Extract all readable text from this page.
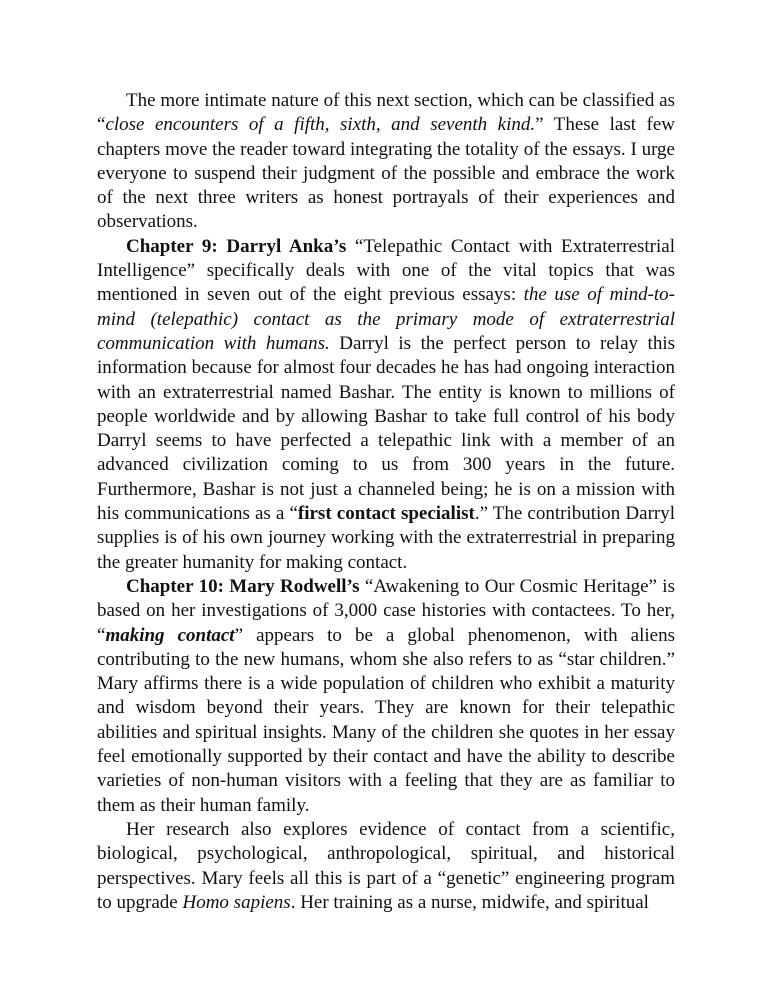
The more intimate nature of this next section, which can be classified as “close encounters of a fifth, sixth, and seventh kind.” These last few chapters move the reader toward integrating the totality of the essays. I urge everyone to suspend their judgment of the possible and embrace the work of the next three writers as honest portrayals of their experiences and observations.

Chapter 9: Darryl Anka’s “Telepathic Contact with Extraterrestrial Intelligence” specifically deals with one of the vital topics that was mentioned in seven out of the eight previous essays: the use of mind-to-mind (telepathic) contact as the primary mode of extraterrestrial communication with humans. Darryl is the perfect person to relay this information because for almost four decades he has had ongoing interaction with an extraterrestrial named Bashar. The entity is known to millions of people worldwide and by allowing Bashar to take full control of his body Darryl seems to have perfected a telepathic link with a member of an advanced civilization coming to us from 300 years in the future. Furthermore, Bashar is not just a channeled being; he is on a mission with his communications as a “first contact specialist.” The contribution Darryl supplies is of his own journey working with the extraterrestrial in preparing the greater humanity for making contact.

Chapter 10: Mary Rodwell’s “Awakening to Our Cosmic Heritage” is based on her investigations of 3,000 case histories with contactees. To her, “making contact” appears to be a global phenomenon, with aliens contributing to the new humans, whom she also refers to as “star children.” Mary affirms there is a wide population of children who exhibit a maturity and wisdom beyond their years. They are known for their telepathic abilities and spiritual insights. Many of the children she quotes in her essay feel emotionally supported by their contact and have the ability to describe varieties of non-human visitors with a feeling that they are as familiar to them as their human family.

Her research also explores evidence of contact from a scientific, biological, psychological, anthropological, spiritual, and historical perspectives. Mary feels all this is part of a “genetic” engineering program to upgrade Homo sapiens. Her training as a nurse, midwife, and spiritual
